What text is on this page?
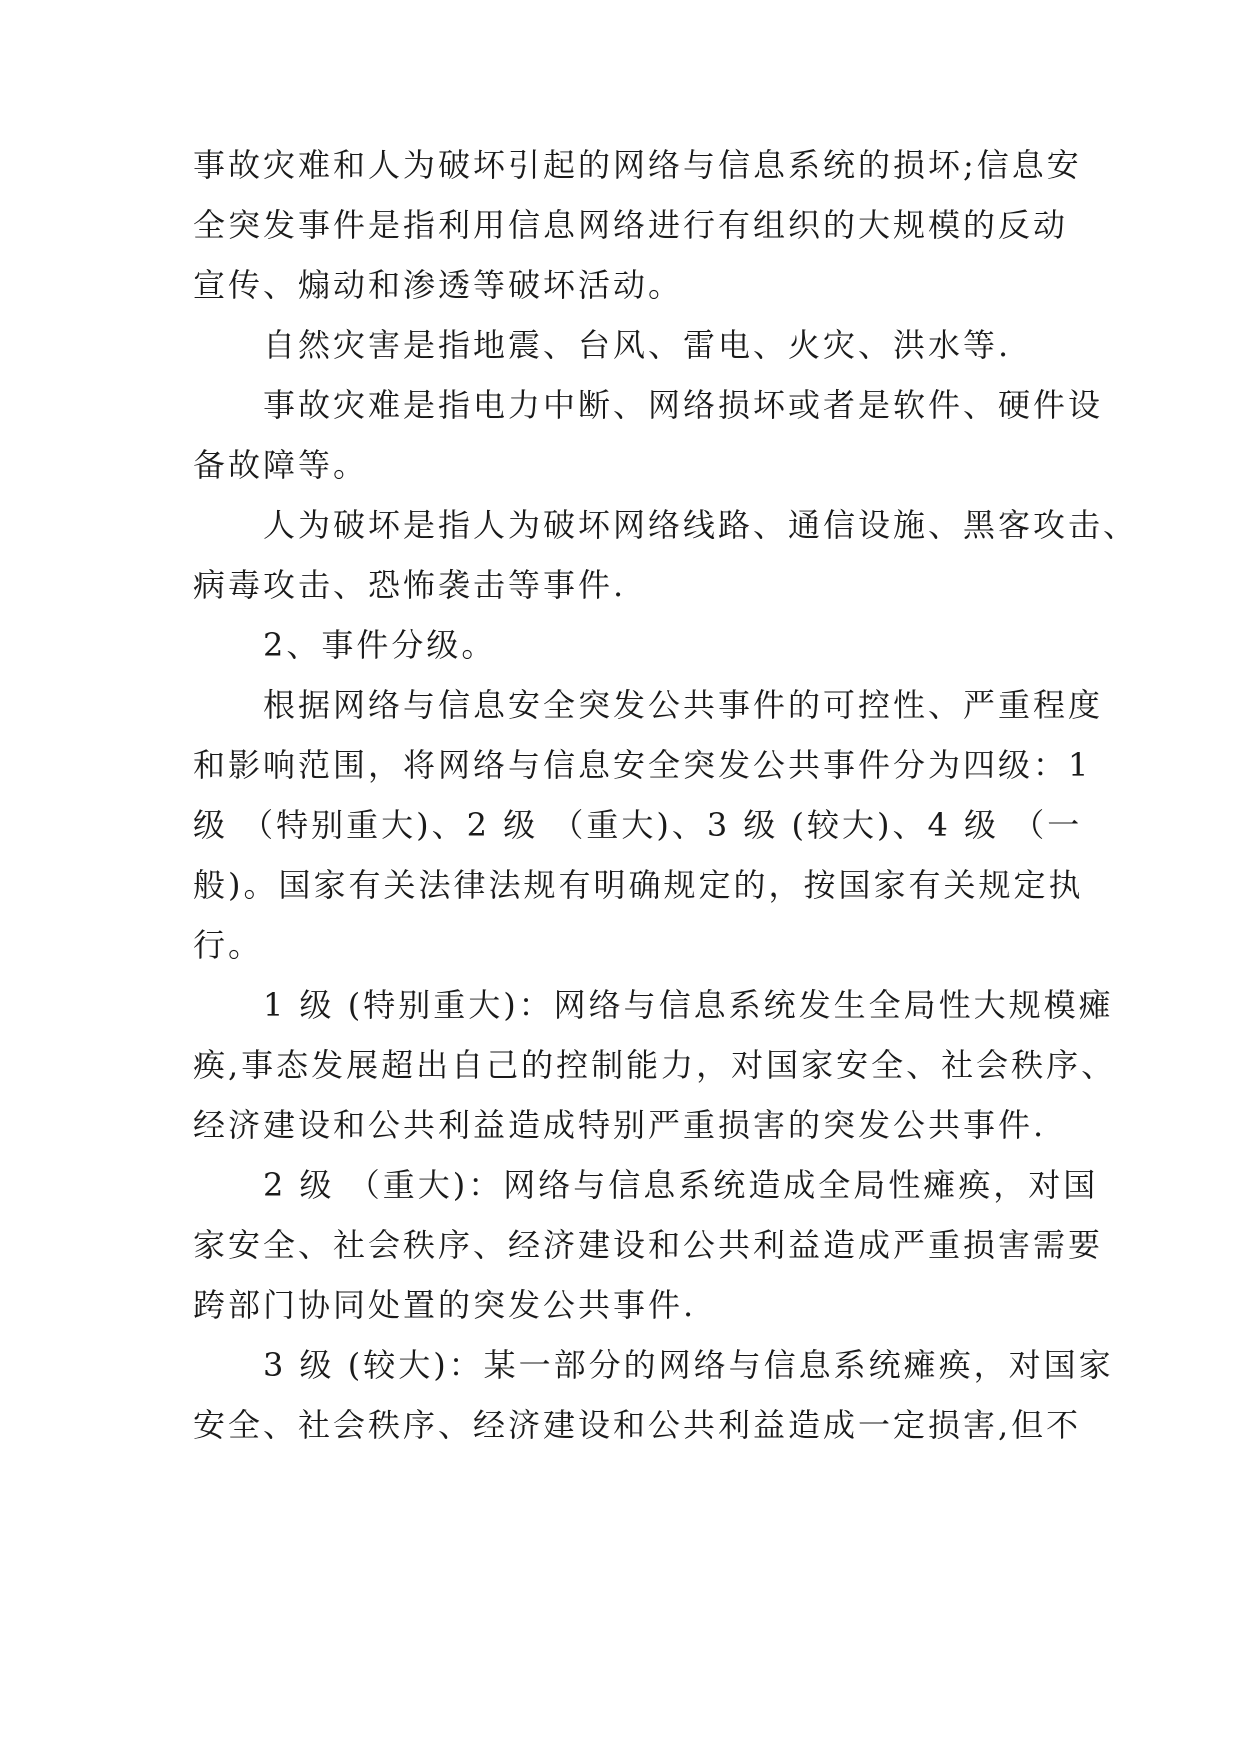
事故灾难和人为破坏引起的网络与信息系统的损坏;信息安
全突发事件是指利用信息网络进行有组织的大规模的反动
宣传、煽动和渗透等破坏活动。
　　自然灾害是指地震、台风、雷电、火灾、洪水等.
　　事故灾难是指电力中断、网络损坏或者是软件、硬件设
备故障等。
　　人为破坏是指人为破坏网络线路、通信设施、黑客攻击、
病毒攻击、恐怖袭击等事件.
　　2、事件分级。
　　根据网络与信息安全突发公共事件的可控性、严重程度
和影响范围，将网络与信息安全突发公共事件分为四级：1
级 （特别重大)、2 级 （重大)、3 级 (较大)、4 级 （一
般)。国家有关法律法规有明确规定的，按国家有关规定执
行。
　　1 级 (特别重大)：网络与信息系统发生全局性大规模瘫
痪,事态发展超出自己的控制能力，对国家安全、社会秩序、
经济建设和公共利益造成特别严重损害的突发公共事件.
　　2 级 （重大)：网络与信息系统造成全局性瘫痪，对国
家安全、社会秩序、经济建设和公共利益造成严重损害需要
跨部门协同处置的突发公共事件.
　　3 级 (较大)：某一部分的网络与信息系统瘫痪，对国家
安全、社会秩序、经济建设和公共利益造成一定损害,但不
